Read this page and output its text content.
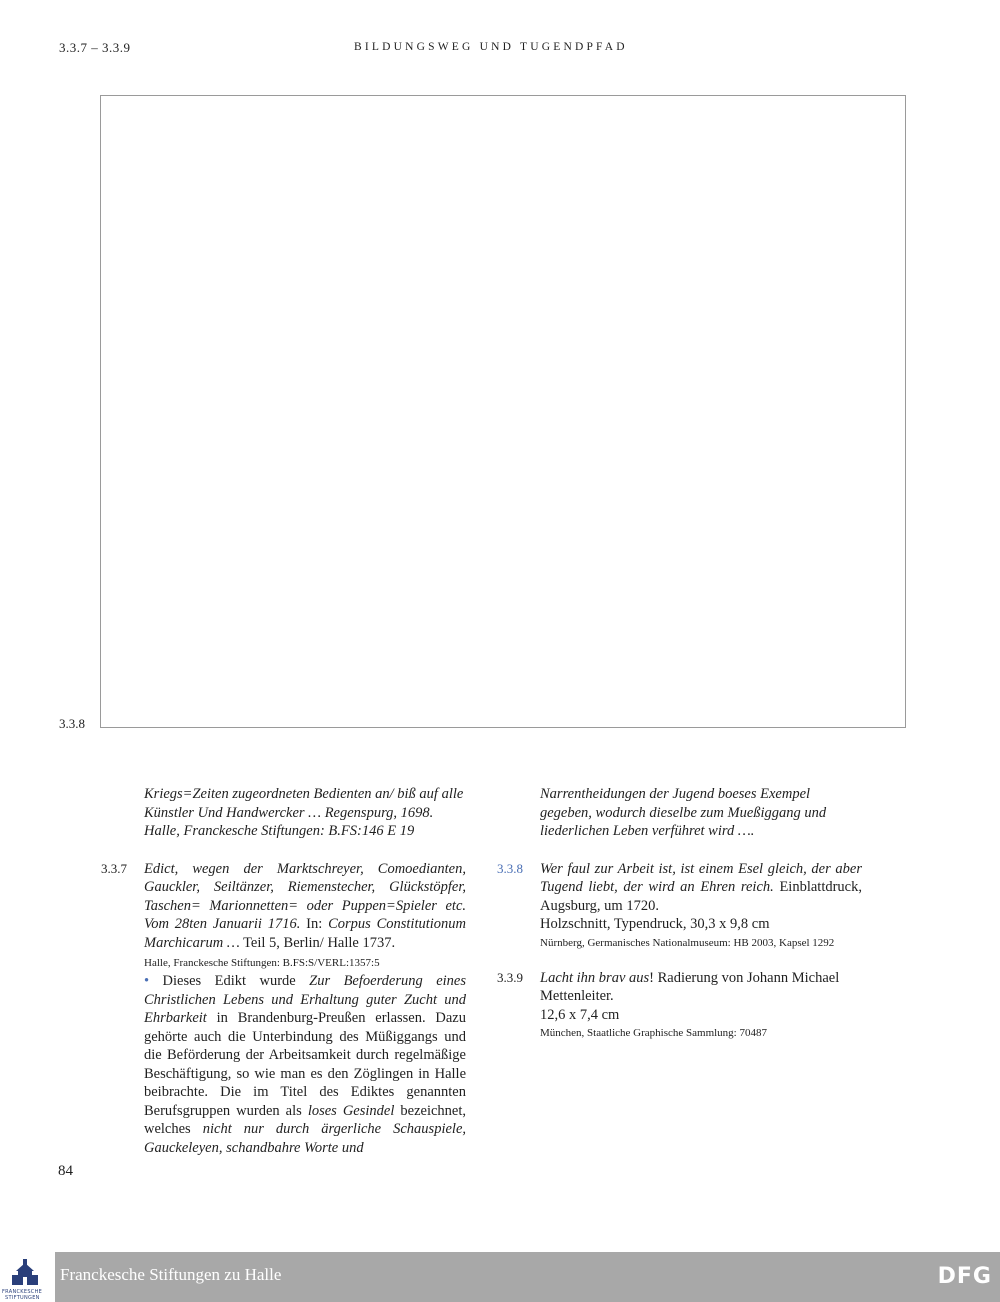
3.3.7 – 3.3.9	BILDUNGSWEG UND TUGENDPFAD
3.3.8

Kriegs=Zeiten zugeordneten Bedienten an/ biß auf alle

Künstler Und Handwercker … Regenspurg, 1698.

Halle, Franckesche Stiftungen: B.FS:146 E 19

3.3.7 Edict, wegen der Marktschreyer, Comoedianten, Gauckler, Seiltänzer, Riemenstecher, Glückstöpfer, Taschen= Marionnetten= oder Puppen=Spieler etc. Vom 28ten Januarii 1716. In: Corpus Constitutionum Marchicarum … Teil 5, Berlin/ Halle 1737.

Halle, Franckesche Stiftungen: B.FS:S/VERL:1357:5

• Dieses Edikt wurde Zur Befoerderung eines Christlichen Lebens und Erhaltung guter Zucht und Ehrbarkeit in Brandenburg-Preußen erlassen. Dazu gehörte auch die Unterbindung des Müßiggangs und die Beförderung der Arbeitsamkeit durch regelmäßige Beschäftigung, so wie man es den Zöglingen in Halle beibrachte. Die im Titel des Ediktes genannten Berufsgruppen wurden als loses Gesindel bezeichnet, welches nicht nur durch ärgerliche Schauspiele, Gauckeleyen, schandbahre Worte und

Narrentheidungen der Jugend boeses Exempel gegeben, wodurch dieselbe zum Mueßiggang und liederlichen Leben verführet wird ….

3.3.8 Wer faul zur Arbeit ist, ist einem Esel gleich, der aber Tugend liebt, der wird an Ehren reich. Einblattdruck, Augsburg, um 1720.

Holzschnitt, Typendruck, 30,3 x 9,8 cm

Nürnberg, Germanisches Nationalmuseum: HB 2003, Kapsel 1292

3.3.9 Lacht ihn brav aus! Radierung von Johann Michael Mettenleiter.

12,6 x 7,4 cm

München, Staatliche Graphische Sammlung: 70487

84
FRANCKESCHE
STIFTUNGEN
Franckesche Stiftungen zu Halle	DFG
